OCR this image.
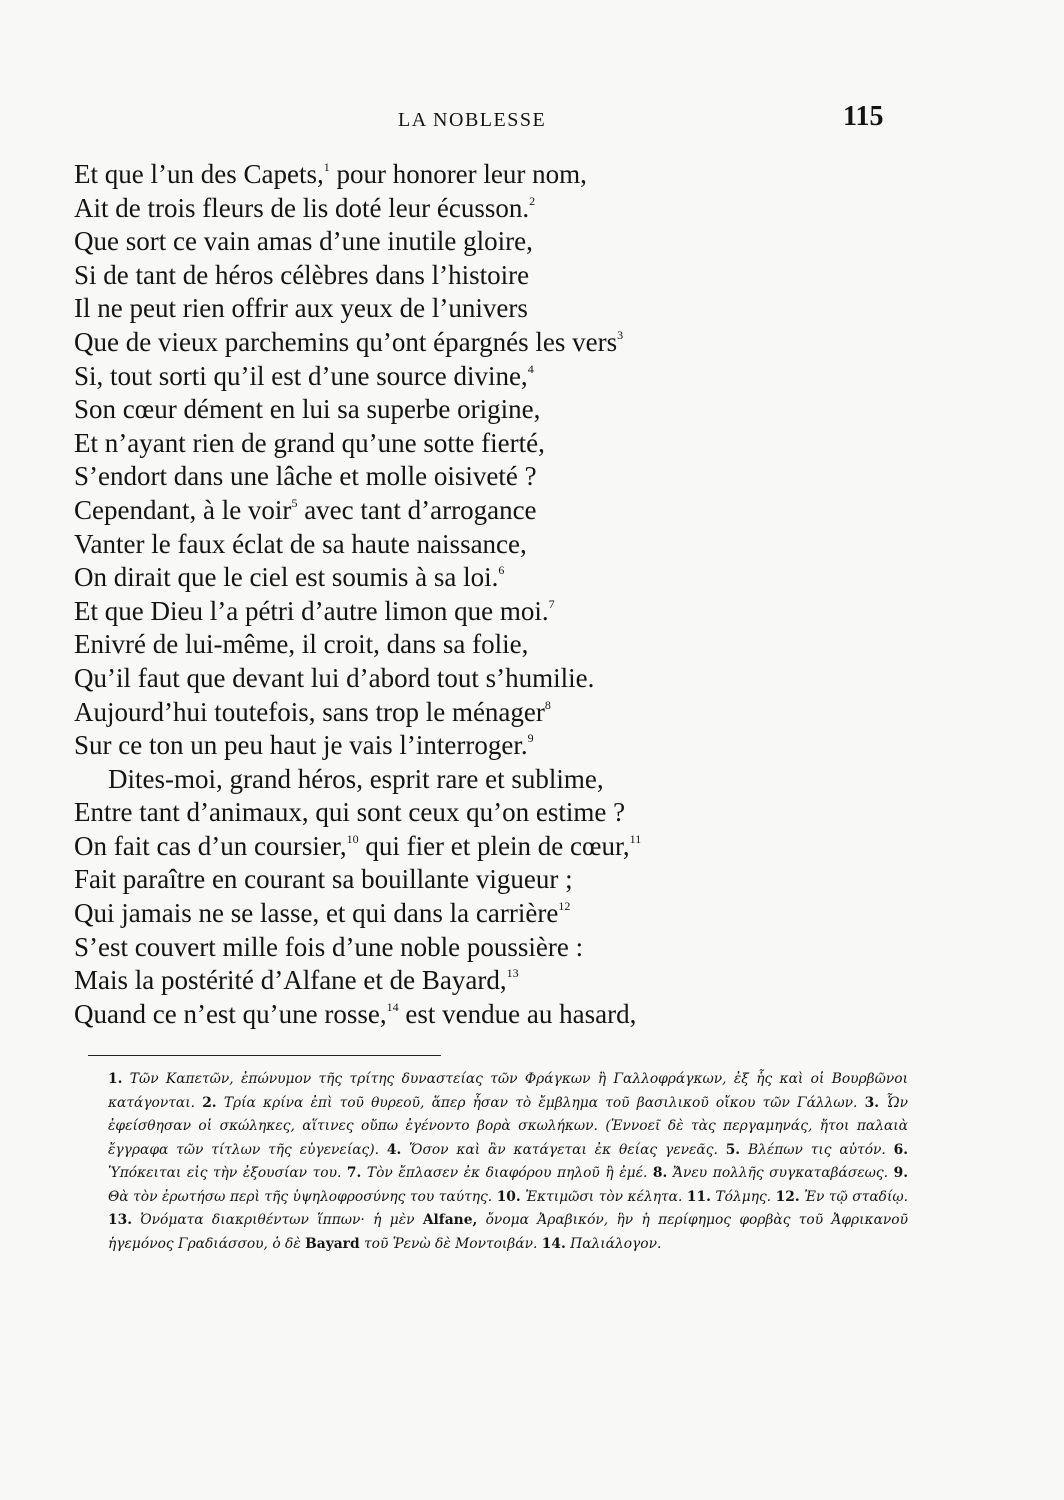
LA NOBLESSE	115
Et que l’un des Capets,$^1$ pour honorer leur nom,
Ait de trois fleurs de lis doté leur écusson.$^2$
Que sort ce vain amas d’une inutile gloire,
Si de tant de héros célèbres dans l’histoire
Il ne peut rien offrir aux yeux de l’univers
Que de vieux parchemins qu’ont épargnés les vers$^3$
Si, tout sorti qu’il est d’une source divine,$^4$
Son cœur dément en lui sa superbe origine,
Et n’ayant rien de grand qu’une sotte fierté,
S’endort dans une lâche et molle oisiveté ?
Cependant, à le voir$^5$ avec tant d’arrogance
Vanter le faux éclat de sa haute naissance,
On dirait que le ciel est soumis à sa loi.$^6$
Et que Dieu l’a pétri d’autre limon que moi.$^7$
Enivré de lui-même, il croit, dans sa folie,
Qu’il faut que devant lui d’abord tout s’humilie.
Aujourd’hui toutefois, sans trop le ménager$^8$
Sur ce ton un peu haut je vais l’interroger.$^9$
Dites-moi, grand héros, esprit rare et sublime,
Entre tant d’animaux, qui sont ceux qu’on estime ?
On fait cas d’un coursier,$^{10}$ qui fier et plein de cœur,$^{11}$
Fait paraître en courant sa bouillante vigueur ;
Qui jamais ne se lasse, et qui dans la carrière$^{12}$
S’est couvert mille fois d’une noble poussière :
Mais la postérité d’Alfane et de Bayard,$^{13}$
Quand ce n’est qu’une rosse,$^{14}$ est vendue au hasard,
1. Τῶν Καπετῶν, ἐπώνυμον τῆς τρίτης δυναστείας τῶν Φράγκων ἢ Γαλλοφράγκων, ἐξ ἧς καὶ οἱ Βουρβῶνοι κατάγονται. 2. Τρία κρίνα ἐπὶ τοῦ θυρεοῦ, ἅπερ ἦσαν τὸ ἔμβλημα τοῦ βασιλικοῦ οἴκου τῶν Γάλλων. 3. Ὧν ἐφείσθησαν οἱ σκώληκες, αἵτινες οὔπω ἐγένοντο βορὰ σκωλήκων. (Ἐννοεῖ δὲ τὰς περγαμηνάς, ἤτοι παλαιὰ ἔγγραφα τῶν τίτλων τῆς εὐγενείας). 4. Ὅσον καὶ ἂν κατάγεται ἐκ θείας γενεᾶς. 5. Βλέπων τις αὐτόν. 6. Ὑπόκειται εἰς τὴν ἐξουσίαν του. 7. Τὸν ἔπλασεν ἐκ διαφόρου πηλοῦ ἢ ἐμέ. 8. Ἄνευ πολλῆς συγκαταβάσεως. 9. Θὰ τὸν ἐρωτήσω περὶ τῆς ὑψηλοφροσύνης του ταύτης. 10. Ἐκτιμῶσι τὸν κέλητα. 11. Τόλμης. 12. Ἐν τῷ σταδίῳ. 13. Ὀνόματα διακριθέντων ἵππων· ἡ μὲν Alfane, ὄνομα Ἀραβικόν, ἣν ἡ περίφημος φορβὰς τοῦ Ἀφρικανοῦ ἡγεμόνος Γραδιάσσου, ὁ δὲ Bayard τοῦ Ῥενὼ δὲ Μοντοιβάν. 14. Παλιάλογον.
